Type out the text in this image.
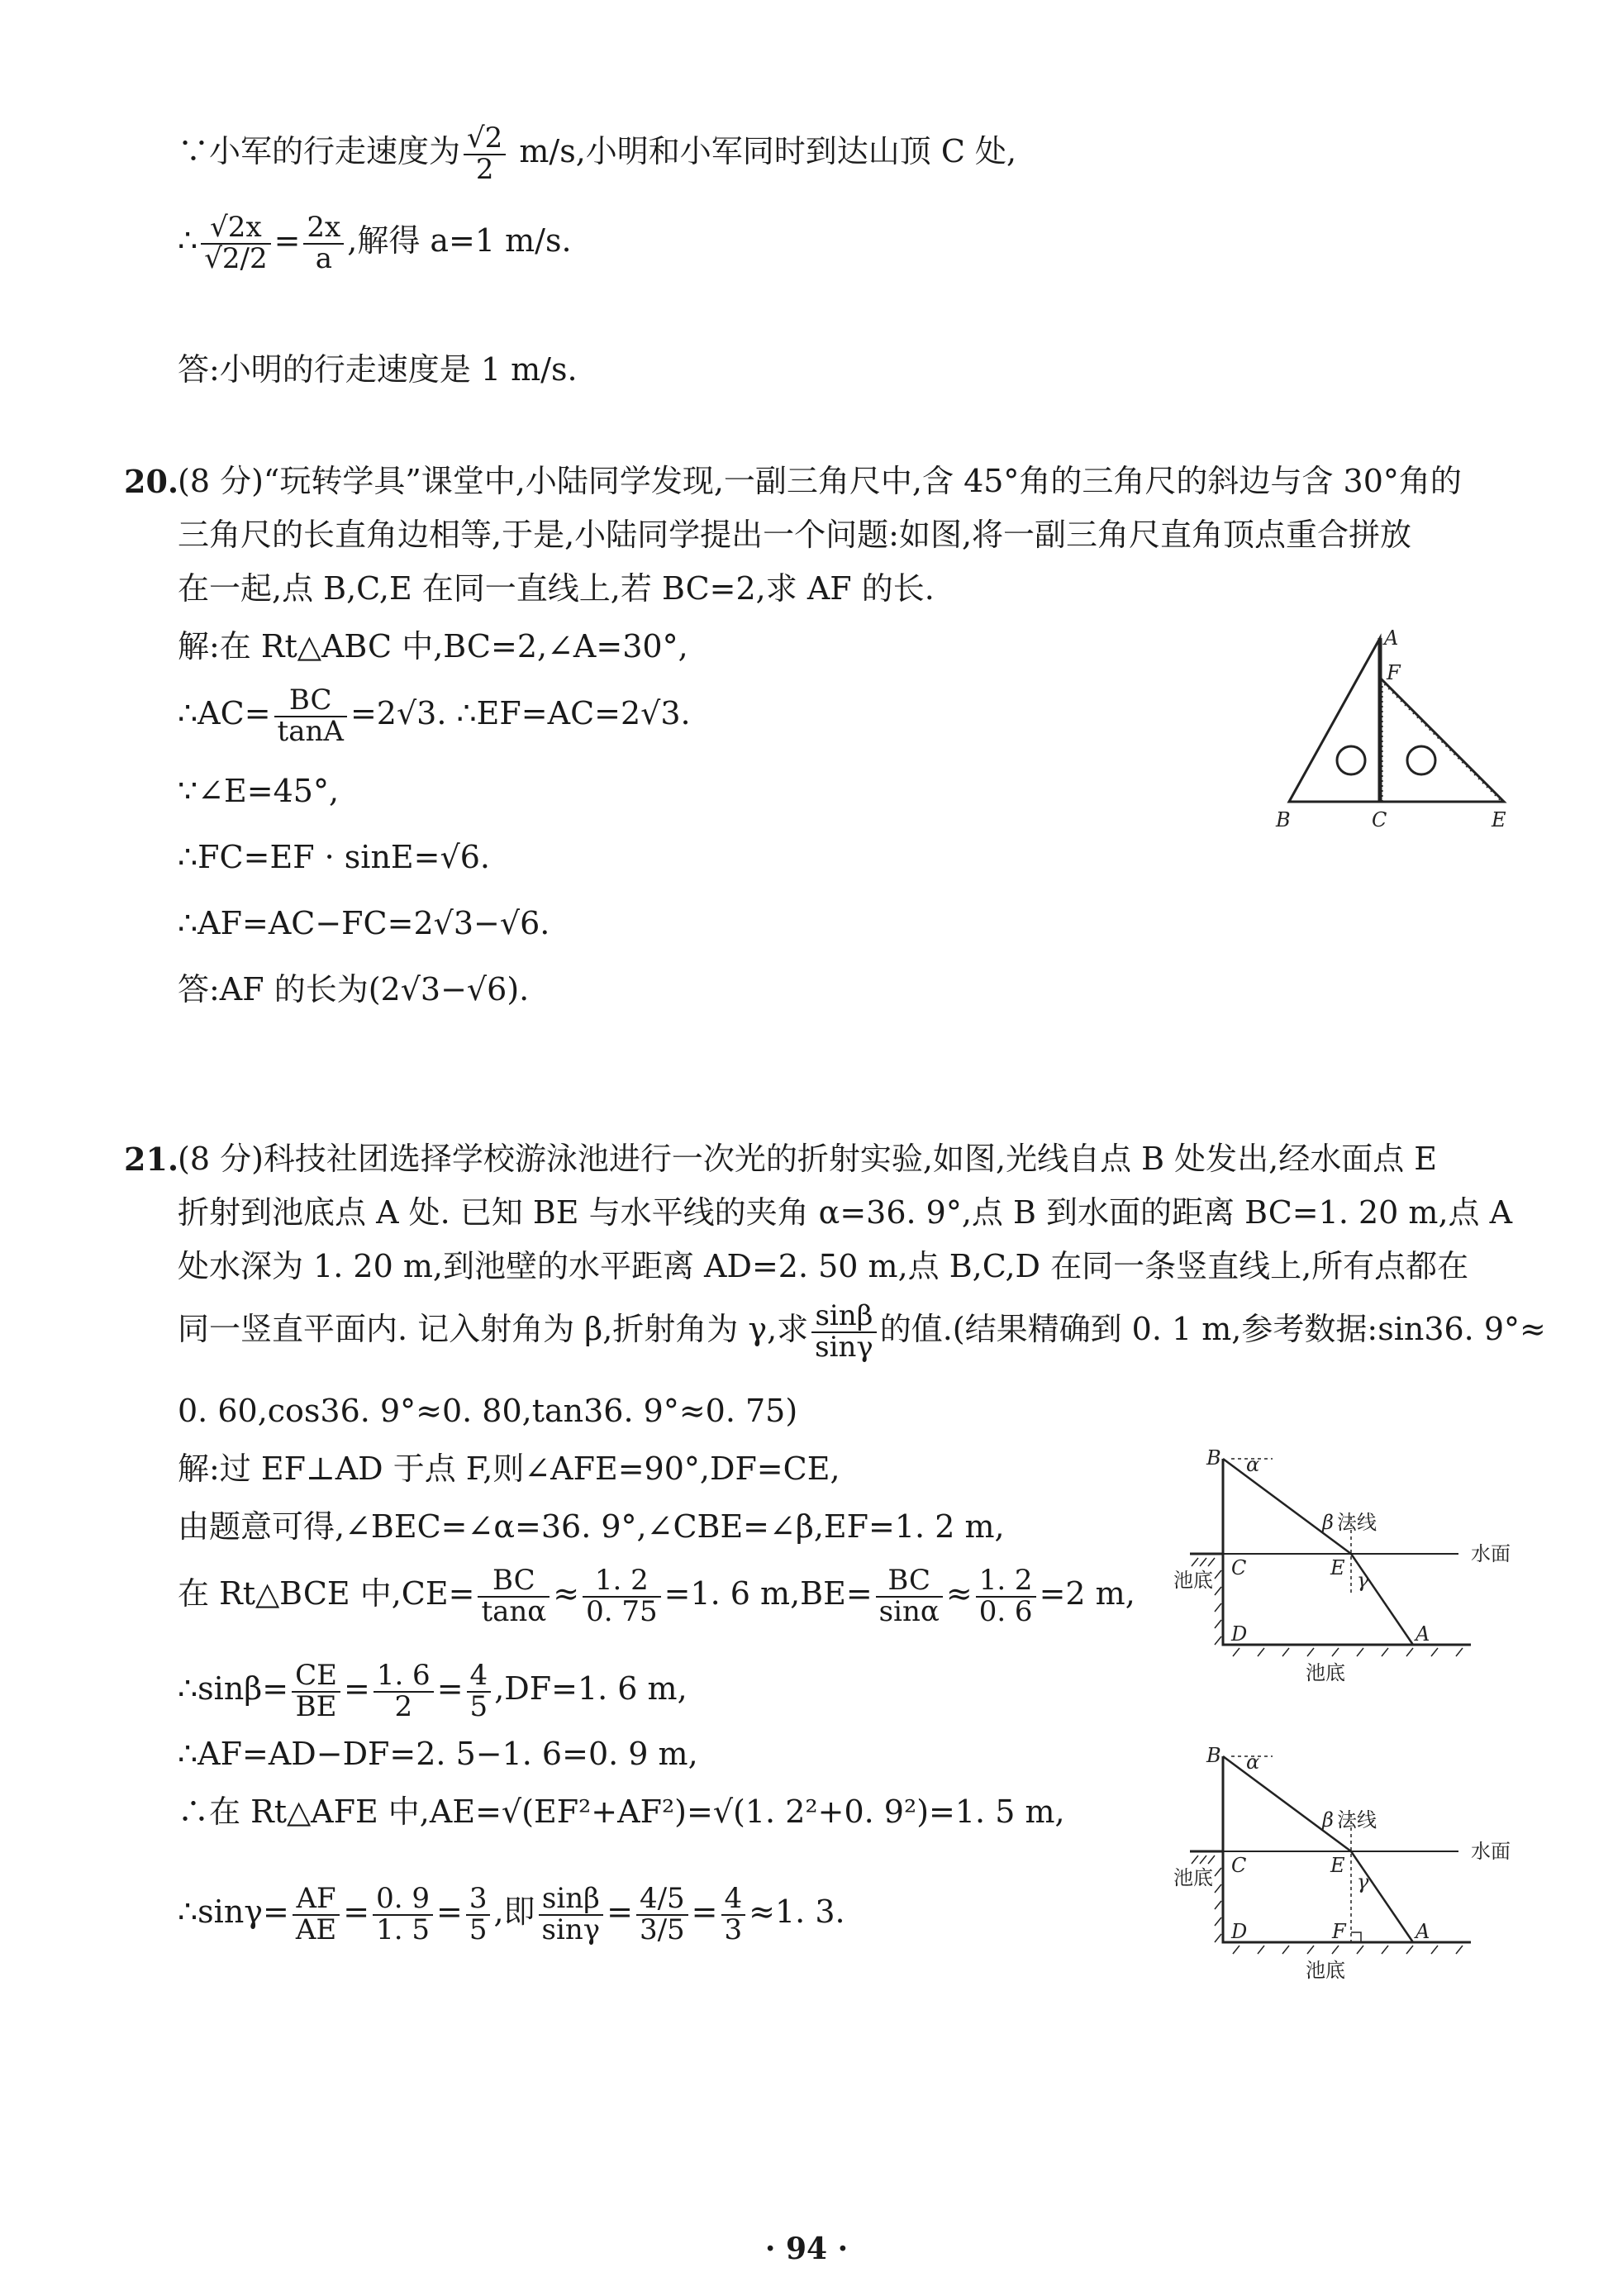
∵小军的行走速度为 $\frac{√2}{2} m/s$,小明和小军同时到达山顶 C 处,
∴ $\frac{√2x}{√2/2} = \frac{2x}{a}$ ,解得 a=1 m/s.
答:小明的行走速度是 1 m/s.
20.
(8 分)“玩转学具”课堂中,小陆同学发现,一副三角尺中,含 45°角的三角尺的斜边与含 30°角的
三角尺的长直角边相等,于是,小陆同学提出一个问题:如图,将一副三角尺直角顶点重合拼放
在一起,点 B,C,E 在同一直线上,若 BC=2,求 AF 的长.
解:在 Rt△ABC 中,BC=2,∠A=30°,
∴AC= $\frac{BC}{\tan A} =2√3$. ∴EF=AC=2√3.
∵∠E=45°,
∴FC=EF · sinE=√6.
∴AF=AC−FC=2√3−√6.
答:AF 的长为(2√3−√6).
A
F
B	C	E
21.
(8 分)科技社团选择学校游泳池进行一次光的折射实验,如图,光线自点 B 处发出,经水面点 E
折射到池底点 A 处. 已知 BE 与水平线的夹角 α=36. 9°,点 B 到水面的距离 BC=1. 20 m,点 A
处水深为 1. 20 m,到池壁的水平距离 AD=2. 50 m,点 B,C,D 在同一条竖直线上,所有点都在
同一竖直平面内. 记入射角为 β,折射角为 γ,求 $\frac{\sin\beta}{\sin\gamma}$ 的值.(结果精确到 0. 1 m,参考数据:sin36. 9°≈
0. 60,cos36. 9°≈0. 80,tan36. 9°≈0. 75)
解:过 EF⊥AD 于点 F,则∠AFE=90°,DF=CE,
由题意可得,∠BEC=∠α=36. 9°,∠CBE=∠β,EF=1. 2 m,
在 Rt△BCE 中$,CE= \frac{BC}{\tan\alpha} \approx \frac{1. 2}{0. 75} =1$. 6 $m,BE= \frac{BC}{\sin\alpha} \approx \frac{1. 2}{0. 6} =2$ m,
∴sinβ= $\frac{CE}{BE} = \frac{1. 6}{2} = \frac{4}{5} ,DF=1$. 6 m,
∴AF=AD−DF=2. 5−1. 6=0. 9 m,
∴在 Rt△AFE 中,AE=√(EF²+AF²)=√(1. 2²+0. 9²)=1. 5 m,
∴sinγ= $\frac{AF}{AE} = \frac{0. 9}{1. 5} = \frac{3}{5}$ ,即 $\frac{\sin\beta}{\sin\gamma} = \frac{4/5}{3/5} = \frac{4}{3} \approx 1$. 3.
B α
β 法线
水面
C	E
γ
池底
D	A
池底
B α
β 法线
水面
C	E
γ
池底
D	F	A
池底
· 94 ·
